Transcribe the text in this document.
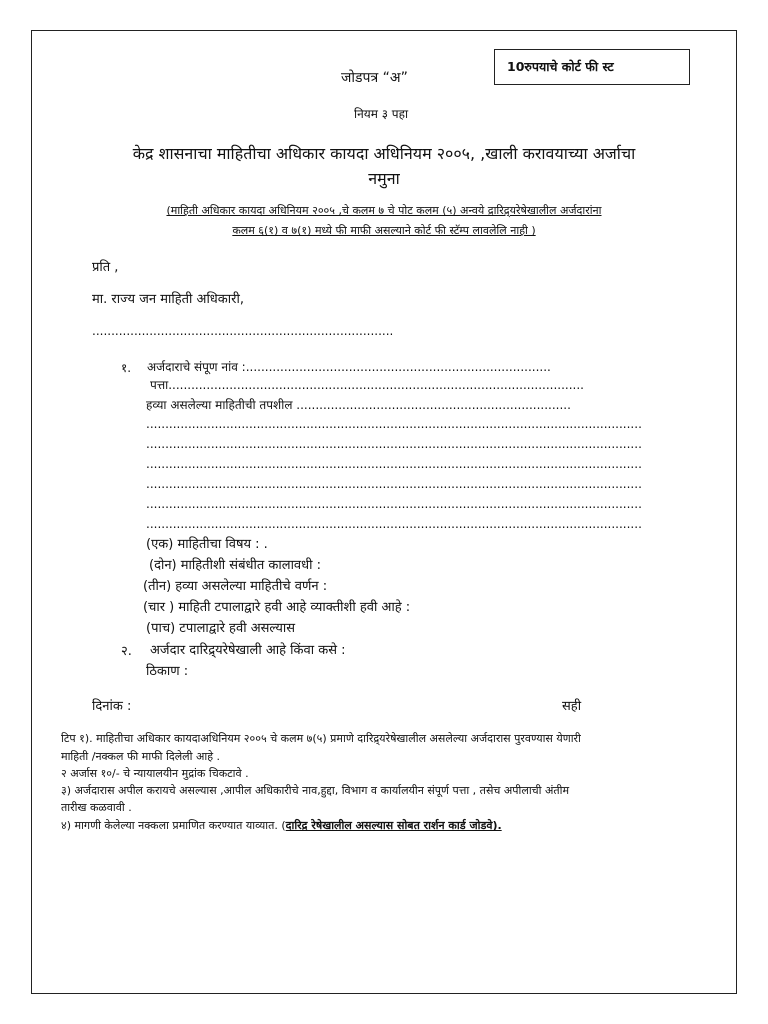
10रुपयाचे कोर्ट फी स्ट
जोडपत्र “अ”
नियम ३ पहा
केद्र शासनाचा माहितीचा अधिकार कायदा अधिनियम २००५, ,खाली करावयाच्या अर्जाचा
नमुना
(माहिती अधिकार कायदा अधिनियम २००५ ,चे कलम ७ चे पोट कलम (५) अन्वये द्रारिद्र्यरेषेखालील अर्जदारांना
कलम ६(१) व ७(१) मध्ये फी माफी असल्याने कोर्ट फी स्टॅम्प लावलेलि नाही )
प्रति ,
मा. राज्य जन माहिती अधिकारी,
...............................................................................
१. अर्जदाराचे संपूण नांव :................................................................................
पत्ता.............................................................................................................
हव्या असलेल्या माहितीची तपशील ........................................................................
..................................................................................................................................
..................................................................................................................................
..................................................................................................................................
..................................................................................................................................
..................................................................................................................................
..................................................................................................................................
(एक) माहितीचा विषय : .
(दोन) माहितीशी संबंधीत कालावधी :
(तीन) हव्या असलेल्या माहितीचे वर्णन :
(चार ) माहिती टपालाद्वारे हवी आहे व्याक्तीशी हवी आहे :
(पाच) टपालाद्वारे हवी असल्यास
२. अर्जदार दारिद्र्यरेषेखाली आहे किंवा कसे :
ठिकाण :
दिनांक :	सही
टिप १). माहितीचा अधिकार कायदाअधिनियम २००५ चे कलम ७(५) प्रमाणे दारिद्र्यरेषेखालील असलेल्या अर्जदारास पुरवण्यास येणारी
माहिती /नक्कल फी माफी दिलेली आहे .
२ अर्जास १०/- चे न्यायालयीन मुद्रांक चिकटावे .
३) अर्जदारास अपील करायचे असल्यास ,आपील अधिकारीचे नाव,हुद्दा, विभाग व कार्यालयीन संपूर्ण पत्ता , तसेच अपीलाची अंतीम
तारीख कळवावी .
४) मागणी केलेल्या नक्कला प्रमाणित करण्यात याव्यात. (दारिद्र रेषेखालील असल्यास सोबत रार्शन कार्ड जोडवे).
